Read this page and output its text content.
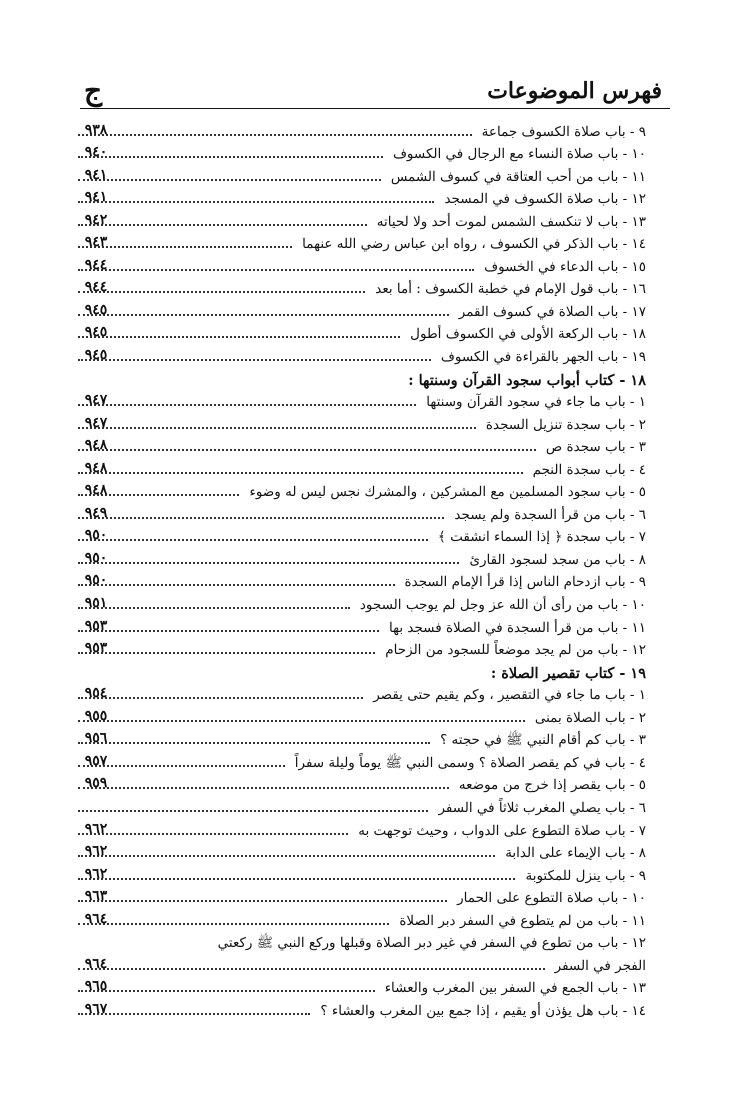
فهرس الموضوعات
ج
٩ - باب صلاة الكسوف جماعة
٩٣٨
١٠ - باب صلاة النساء مع الرجال في الكسوف
٩٤٠
١١ - باب من أحب العتاقة في كسوف الشمس
٩٤١
١٢ - باب صلاة الكسوف في المسجد
٩٤١
١٣ - باب لا تنكسف الشمس لموت أحد ولا لحياته
٩٤٢
١٤ - باب الذكر في الكسوف ، رواه ابن عباس رضي الله عنهما
٩٤٣
١٥ - باب الدعاء في الخسوف
٩٤٤
١٦ - باب قول الإمام في خطبة الكسوف : أما بعد
٩٤٤
١٧ - باب الصلاة في كسوف القمر
٩٤٥
١٨ - باب الركعة الأولى في الكسوف أطول
٩٤٥
١٩ - باب الجهر بالقراءة في الكسوف
٩٤٥
١٨ - كتاب أبواب سجود القرآن وسنتها :
١ - باب ما جاء في سجود القرآن وسنتها
٩٤٧
٢ - باب سجدة تنزيل السجدة
٩٤٧
٣ - باب سجدة ص
٩٤٨
٤ - باب سجدة النجم
٩٤٨
٥ - باب سجود المسلمين مع المشركين ، والمشرك نجس ليس له وضوء
٩٤٨
٦ - باب من قرأ السجدة ولم يسجد
٩٤٩
٧ - باب سجدة ﴿ إذا السماء انشقت ﴾
٩٥٠
٨ - باب من سجد لسجود القارئ
٩٥٠
٩ - باب ازدحام الناس إذا قرأ الإمام السجدة
٩٥٠
١٠ - باب من رأى أن الله عز وجل لم يوجب السجود
٩٥١
١١ - باب من قرأ السجدة في الصلاة فسجد بها
٩٥٣
١٢ - باب من لم يجد موضعاً للسجود من الزحام
٩٥٣
١٩ - كتاب تقصير الصلاة :
١ - باب ما جاء في التقصير ، وكم يقيم حتى يقصر
٩٥٤
٢ - باب الصلاة بمنى
٩٥٥
٣ - باب كم أقام النبي ﷺ في حجته ؟
٩٥٦
٤ - باب في كم يقصر الصلاة ؟ وسمى النبي ﷺ يوماً وليلة سفراً
٩٥٧
٥ - باب يقصر إذا خرج من موضعه
٩٥٩
٦ - باب يصلي المغرب ثلاثاً في السفر
٧ - باب صلاة التطوع على الدواب ، وحيث توجهت به
٩٦٢
٨ - باب الإيماء على الدابة
٩٦٢
٩ - باب ينزل للمكتوبة
٩٦٢
١٠ - باب صلاة التطوع على الحمار
٩٦٣
١١ - باب من لم يتطوع في السفر دبر الصلاة
٩٦٤
١٢ - باب من تطوع في السفر في غير دبر الصلاة وقبلها وركع النبي ﷺ ركعتي
الفجر في السفر
٩٦٤
١٣ - باب الجمع في السفر بين المغرب والعشاء
٩٦٥
١٤ - باب هل يؤذن أو يقيم ، إذا جمع بين المغرب والعشاء ؟
٩٦٧
